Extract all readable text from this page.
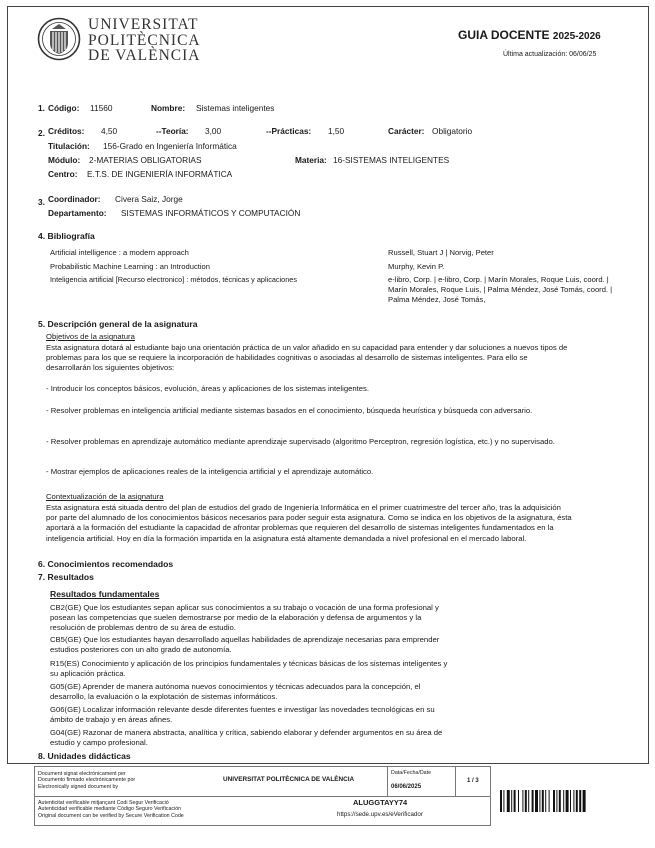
UNIVERSITAT
POLITÈCNICA
DE VALÈNCIA
GUIA DOCENTE 2025-2026
Última actualización: 06/06/25
1. Código: 11560	Nombre: Sistemas inteligentes
2. Créditos: 4,50	--Teoría: 3,00	--Prácticas: 1,50	Carácter: Obligatorio
Titulación: 156-Grado en Ingeniería Informática
Módulo: 2-MATERIAS OBLIGATORIAS	Materia: 16-SISTEMAS INTELIGENTES
Centro: E.T.S. DE INGENIERÍA INFORMÁTICA
3. Coordinador: Civera Saiz, Jorge
Departamento: SISTEMAS INFORMÁTICOS Y COMPUTACIÓN
4. Bibliografía
Artificial intelligence : a modern approach	Russell, Stuart J | Norvig, Peter
Probabilistic Machine Learning : an Introduction	Murphy, Kevin P.
Inteligencia artificial [Recurso electronico] : métodos, técnicas y aplicaciones	e-libro, Corp. | e-libro, Corp. | Marín Morales, Roque Luis, coord. | Marín Morales, Roque Luis, | Palma Méndez, José Tomás, coord. | Palma Méndez, José Tomás,
5. Descripción general de la asignatura
Objetivos de la asignatura
Esta asignatura dotará al estudiante bajo una orientación práctica de un valor añadido en su capacidad para entender y dar soluciones a nuevos tipos de problemas para los que se requiere la incorporación de habilidades cognitivas o asociadas al desarrollo de sistemas inteligentes. Para ello se desarrollarán los siguientes objetivos:
- Introducir los conceptos básicos, evolución, áreas y aplicaciones de los sistemas inteligentes.
- Resolver problemas en inteligencia artificial mediante sistemas basados en el conocimiento, búsqueda heurística y búsqueda con adversario.
- Resolver problemas en aprendizaje automático mediante aprendizaje supervisado (algoritmo Perceptron, regresión logística, etc.) y no supervisado.
- Mostrar ejemplos de aplicaciones reales de la inteligencia artificial y el aprendizaje automático.
Contextualización de la asignatura
Esta asignatura está situada dentro del plan de estudios del grado de Ingeniería Informática en el primer cuatrimestre del tercer año, tras la adquisición por parte del alumnado de los conocimientos básicos necesarios para poder seguir esta asignatura. Como se indica en los objetivos de la asignatura, ésta aportará a la formación del estudiante la capacidad de afrontar problemas que requieren del desarrollo de sistemas inteligentes fundamentados en la inteligencia artificial. Hoy en día la formación impartida en la asignatura está altamente demandada a nivel profesional en el mercado laboral.
6. Conocimientos recomendados
7. Resultados
Resultados fundamentales
CB2(GE) Que los estudiantes sepan aplicar sus conocimientos a su trabajo o vocación de una forma profesional y posean las competencias que suelen demostrarse por medio de la elaboración y defensa de argumentos y la resolución de problemas dentro de su área de estudio.
CB5(GE) Que los estudiantes hayan desarrollado aquellas habilidades de aprendizaje necesarias para emprender estudios posteriores con un alto grado de autonomía.
R15(ES) Conocimiento y aplicación de los principios fundamentales y técnicas básicas de los sistemas inteligentes y su aplicación práctica.
G05(GE) Aprender de manera autónoma nuevos conocimientos y técnicas adecuados para la concepción, el desarrollo, la evaluación o la explotación de sistemas informáticos.
G06(GE) Localizar información relevante desde diferentes fuentes e investigar las novedades tecnológicas en su ámbito de trabajo y en áreas afines.
G04(GE) Razonar de manera abstracta, analítica y crítica, sabiendo elaborar y defender argumentos en su área de estudio y campo profesional.
8. Unidades didácticas
Document signat electrònicament per
Documento firmado electrónicamente por
Electronically signed document by
UNIVERSITAT POLITÈCNICA DE VALÈNCIA
Data/Fecha/Date
06/06/2025
1 / 3
Autenticitat verificable mitjançant Codi Segur Verificació
Autenticidad verificable mediante Código Seguro Verificación
Original document can be verified by Secure Verification Code
ALUGGTAYY74
https://sede.upv.es/eVerificador
